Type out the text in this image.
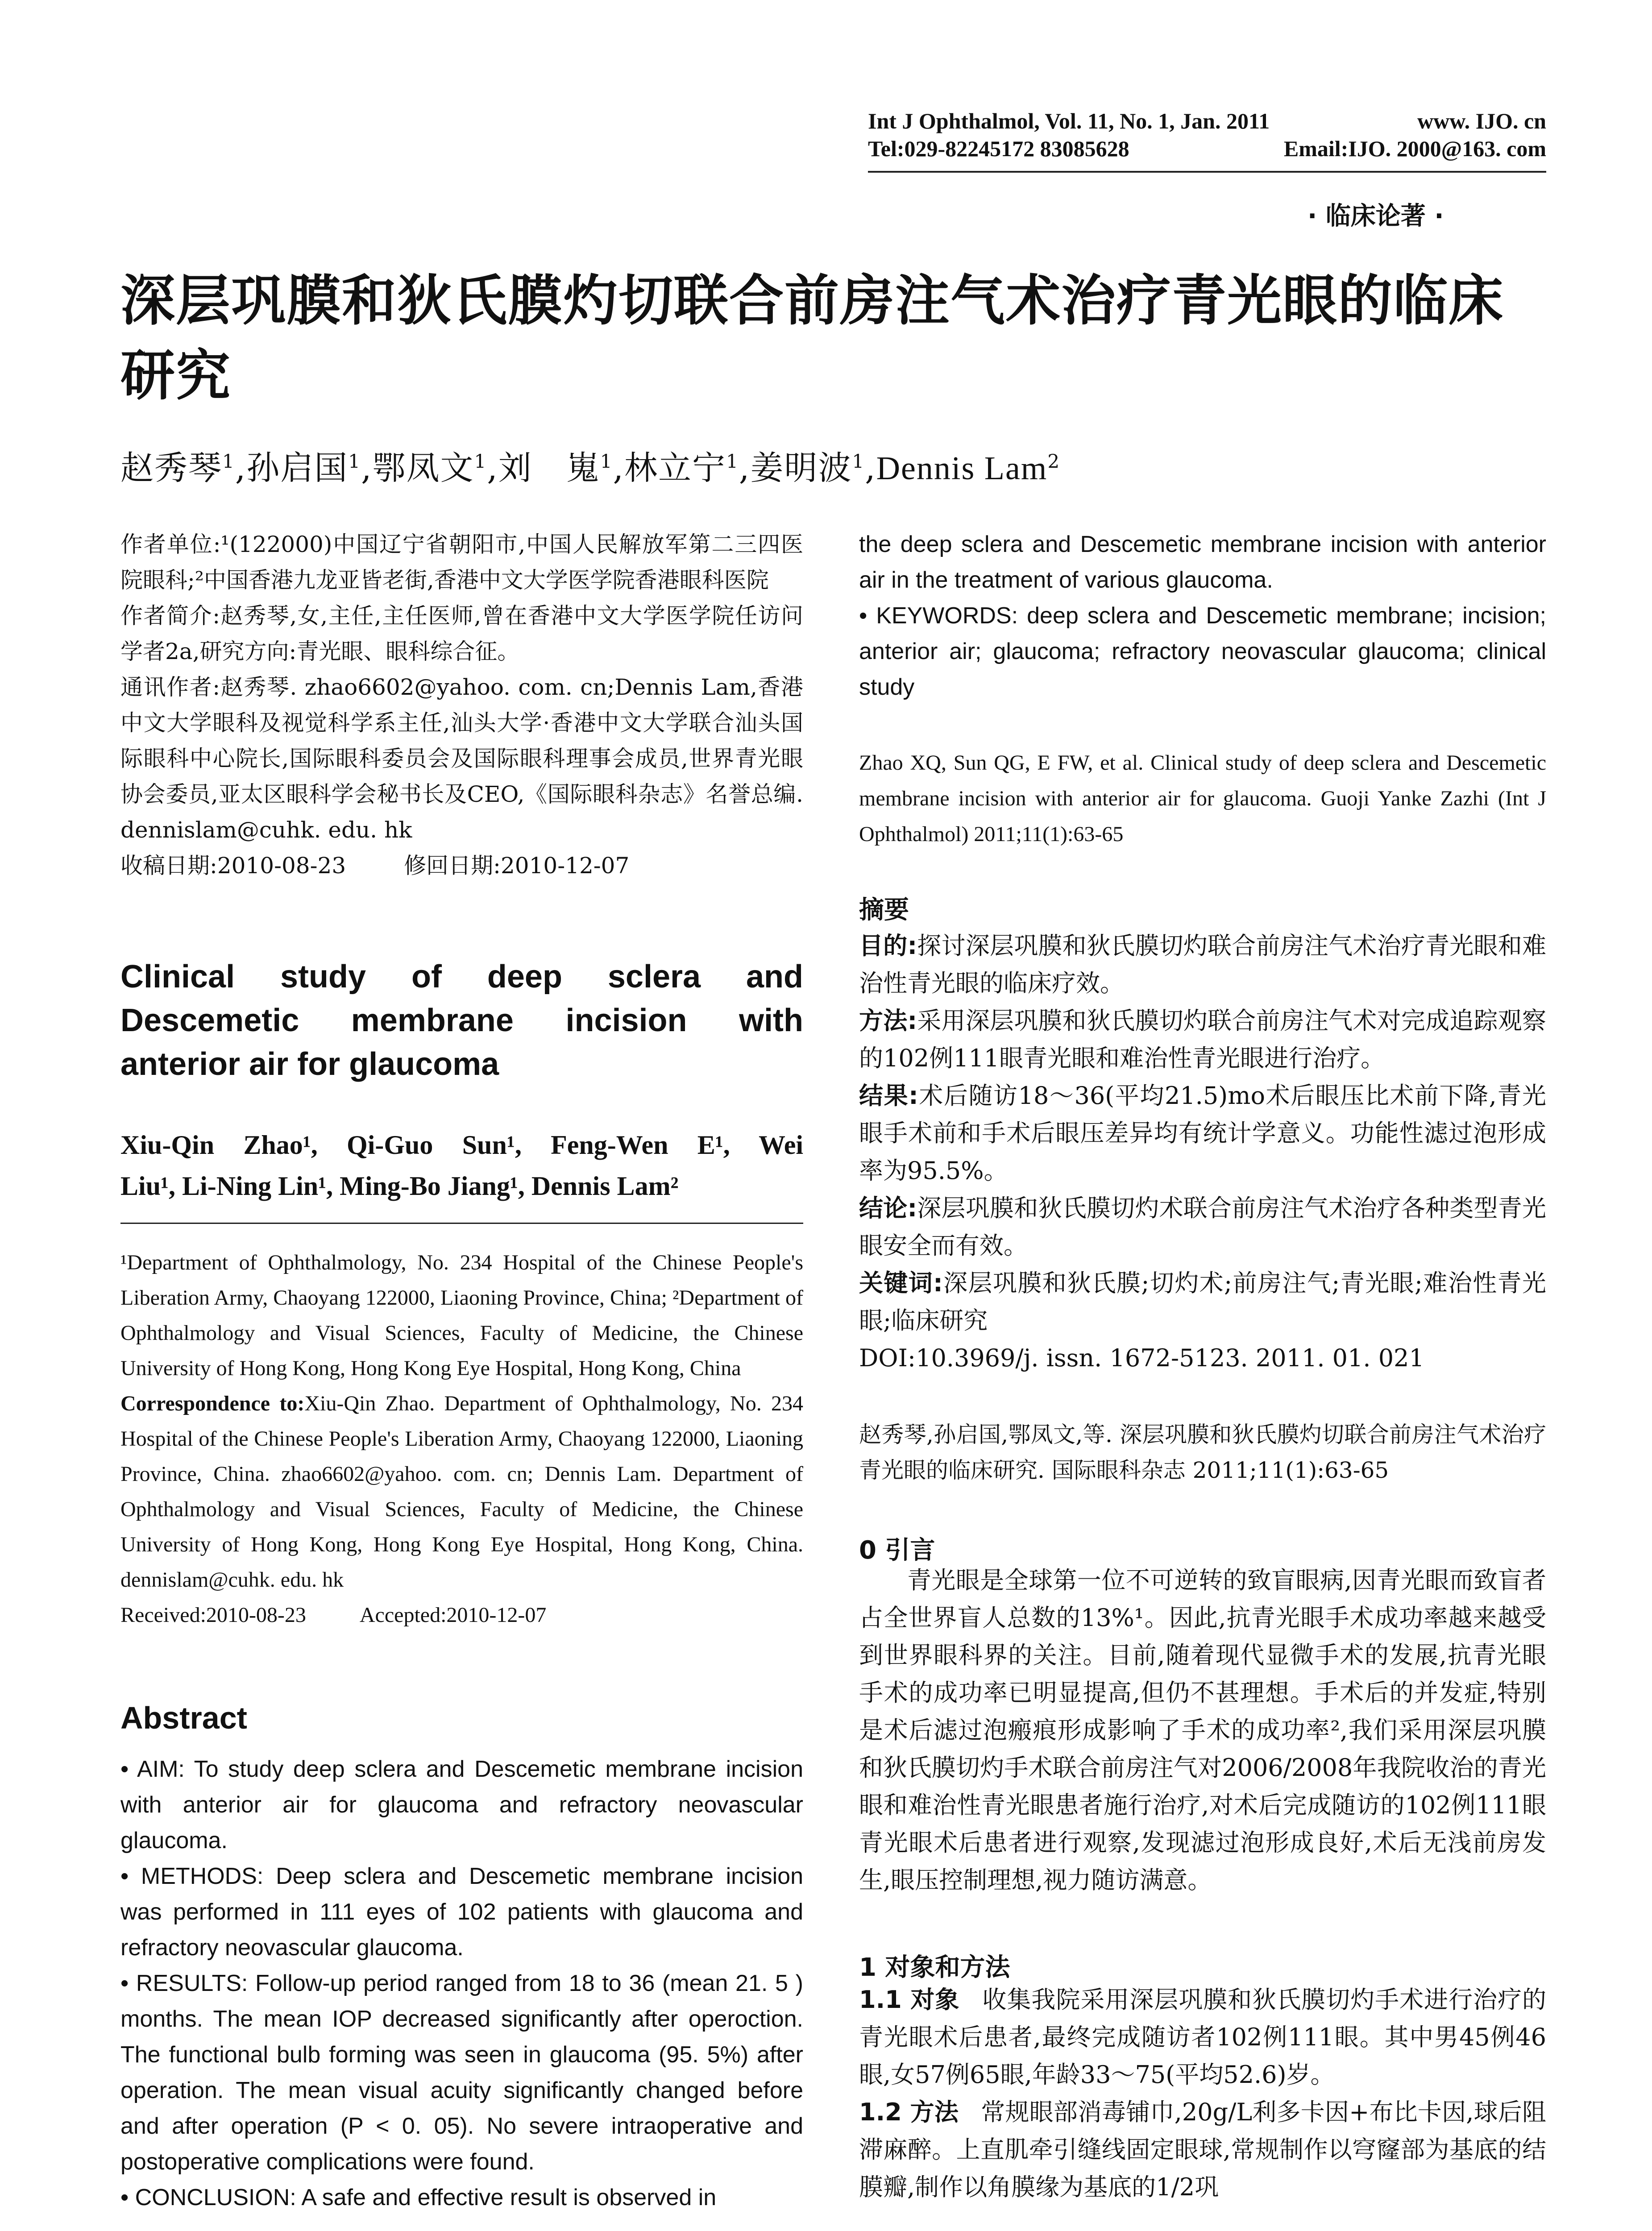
Int J Ophthalmol, Vol. 11, No. 1, Jan. 2011	www. IJO. cn
Tel:029-82245172 83085628	Email:IJO. 2000@163. com
· 临床论著 ·
深层巩膜和狄氏膜灼切联合前房注气术治疗青光眼的临床研究
赵秀琴$^1$,孙启国$^1$,鄂凤文$^1$,刘　嵬$^1$,林立宁$^1$,姜明波$^1$,Dennis Lam$^2$

作者单位:¹(122000)中国辽宁省朝阳市,中国人民解放军第二三四医院眼科;²中国香港九龙亚皆老街,香港中文大学医学院香港眼科医院

作者简介:赵秀琴,女,主任,主任医师,曾在香港中文大学医学院任访问学者2a,研究方向:青光眼、眼科综合征。

通讯作者:赵秀琴. zhao6602@yahoo. com. cn;Dennis Lam,香港中文大学眼科及视觉科学系主任,汕头大学·香港中文大学联合汕头国际眼科中心院长,国际眼科委员会及国际眼科理事会成员,世界青光眼协会委员,亚太区眼科学会秘书长及CEO,《国际眼科杂志》名誉总编. dennislam@cuhk. edu. hk

收稿日期:2010-08-23	修回日期:2010-12-07

Clinical study of deep sclera and
Descemetic membrane incision with
anterior air for glaucoma
Xiu-Qin Zhao¹, Qi-Guo Sun¹, Feng-Wen E¹, Wei
Liu¹, Li-Ning Lin¹, Ming-Bo Jiang¹, Dennis Lam²
¹Department of Ophthalmology, No. 234 Hospital of the Chinese People's Liberation Army, Chaoyang 122000, Liaoning Province, China; ²Department of Ophthalmology and Visual Sciences, Faculty of Medicine, the Chinese University of Hong Kong, Hong Kong Eye Hospital, Hong Kong, China
Correspondence to:Xiu-Qin Zhao. Department of Ophthalmology, No. 234 Hospital of the Chinese People's Liberation Army, Chaoyang 122000, Liaoning Province, China. zhao6602@yahoo. com. cn; Dennis Lam. Department of Ophthalmology and Visual Sciences, Faculty of Medicine, the Chinese University of Hong Kong, Hong Kong Eye Hospital, Hong Kong, China. dennislam@cuhk. edu. hk
Received:2010-08-23	Accepted:2010-12-07
Abstract

• AIM: To study deep sclera and Descemetic membrane incision with anterior air for glaucoma and refractory neovascular glaucoma.

• METHODS: Deep sclera and Descemetic membrane incision was performed in 111 eyes of 102 patients with glaucoma and refractory neovascular glaucoma.

• RESULTS: Follow-up period ranged from 18 to 36 (mean 21. 5 ) months. The mean IOP decreased significantly after operoction. The functional bulb forming was seen in glaucoma (95. 5%) after operation. The mean visual acuity significantly changed before and after operation (P < 0. 05). No severe intraoperative and postoperative complications were found.

• CONCLUSION: A safe and effective result is observed in

the deep sclera and Descemetic membrane incision with anterior air in the treatment of various glaucoma.

• KEYWORDS: deep sclera and Descemetic membrane; incision; anterior air; glaucoma; refractory neovascular glaucoma; clinical study

Zhao XQ, Sun QG, E FW, et al. Clinical study of deep sclera and Descemetic membrane incision with anterior air for glaucoma. Guoji Yanke Zazhi (Int J Ophthalmol) 2011;11(1):63-65
摘要

目的:探讨深层巩膜和狄氏膜切灼联合前房注气术治疗青光眼和难治性青光眼的临床疗效。

方法:采用深层巩膜和狄氏膜切灼联合前房注气术对完成追踪观察的102例111眼青光眼和难治性青光眼进行治疗。

结果:术后随访18～36(平均21.5)mo术后眼压比术前下降,青光眼手术前和手术后眼压差异均有统计学意义。功能性滤过泡形成率为95.5%。

结论:深层巩膜和狄氏膜切灼术联合前房注气术治疗各种类型青光眼安全而有效。

关键词:深层巩膜和狄氏膜;切灼术;前房注气;青光眼;难治性青光眼;临床研究

DOI:10.3969/j. issn. 1672-5123. 2011. 01. 021

赵秀琴,孙启国,鄂凤文,等. 深层巩膜和狄氏膜灼切联合前房注气术治疗青光眼的临床研究. 国际眼科杂志 2011;11(1):63-65
0 引言

青光眼是全球第一位不可逆转的致盲眼病,因青光眼而致盲者占全世界盲人总数的13%¹。因此,抗青光眼手术成功率越来越受到世界眼科界的关注。目前,随着现代显微手术的发展,抗青光眼手术的成功率已明显提高,但仍不甚理想。手术后的并发症,特别是术后滤过泡瘢痕形成影响了手术的成功率²,我们采用深层巩膜和狄氏膜切灼手术联合前房注气对2006/2008年我院收治的青光眼和难治性青光眼患者施行治疗,对术后完成随访的102例111眼青光眼术后患者进行观察,发现滤过泡形成良好,术后无浅前房发生,眼压控制理想,视力随访满意。

1 对象和方法

1.1 对象 收集我院采用深层巩膜和狄氏膜切灼手术进行治疗的青光眼术后患者,最终完成随访者102例111眼。其中男45例46眼,女57例65眼,年龄33～75(平均52.6)岁。

1.2 方法 常规眼部消毒铺巾,20g/L利多卡因+布比卡因,球后阻滞麻醉。上直肌牵引缝线固定眼球,常规制作以穹窿部为基底的结膜瓣,制作以角膜缘为基底的1/2巩
